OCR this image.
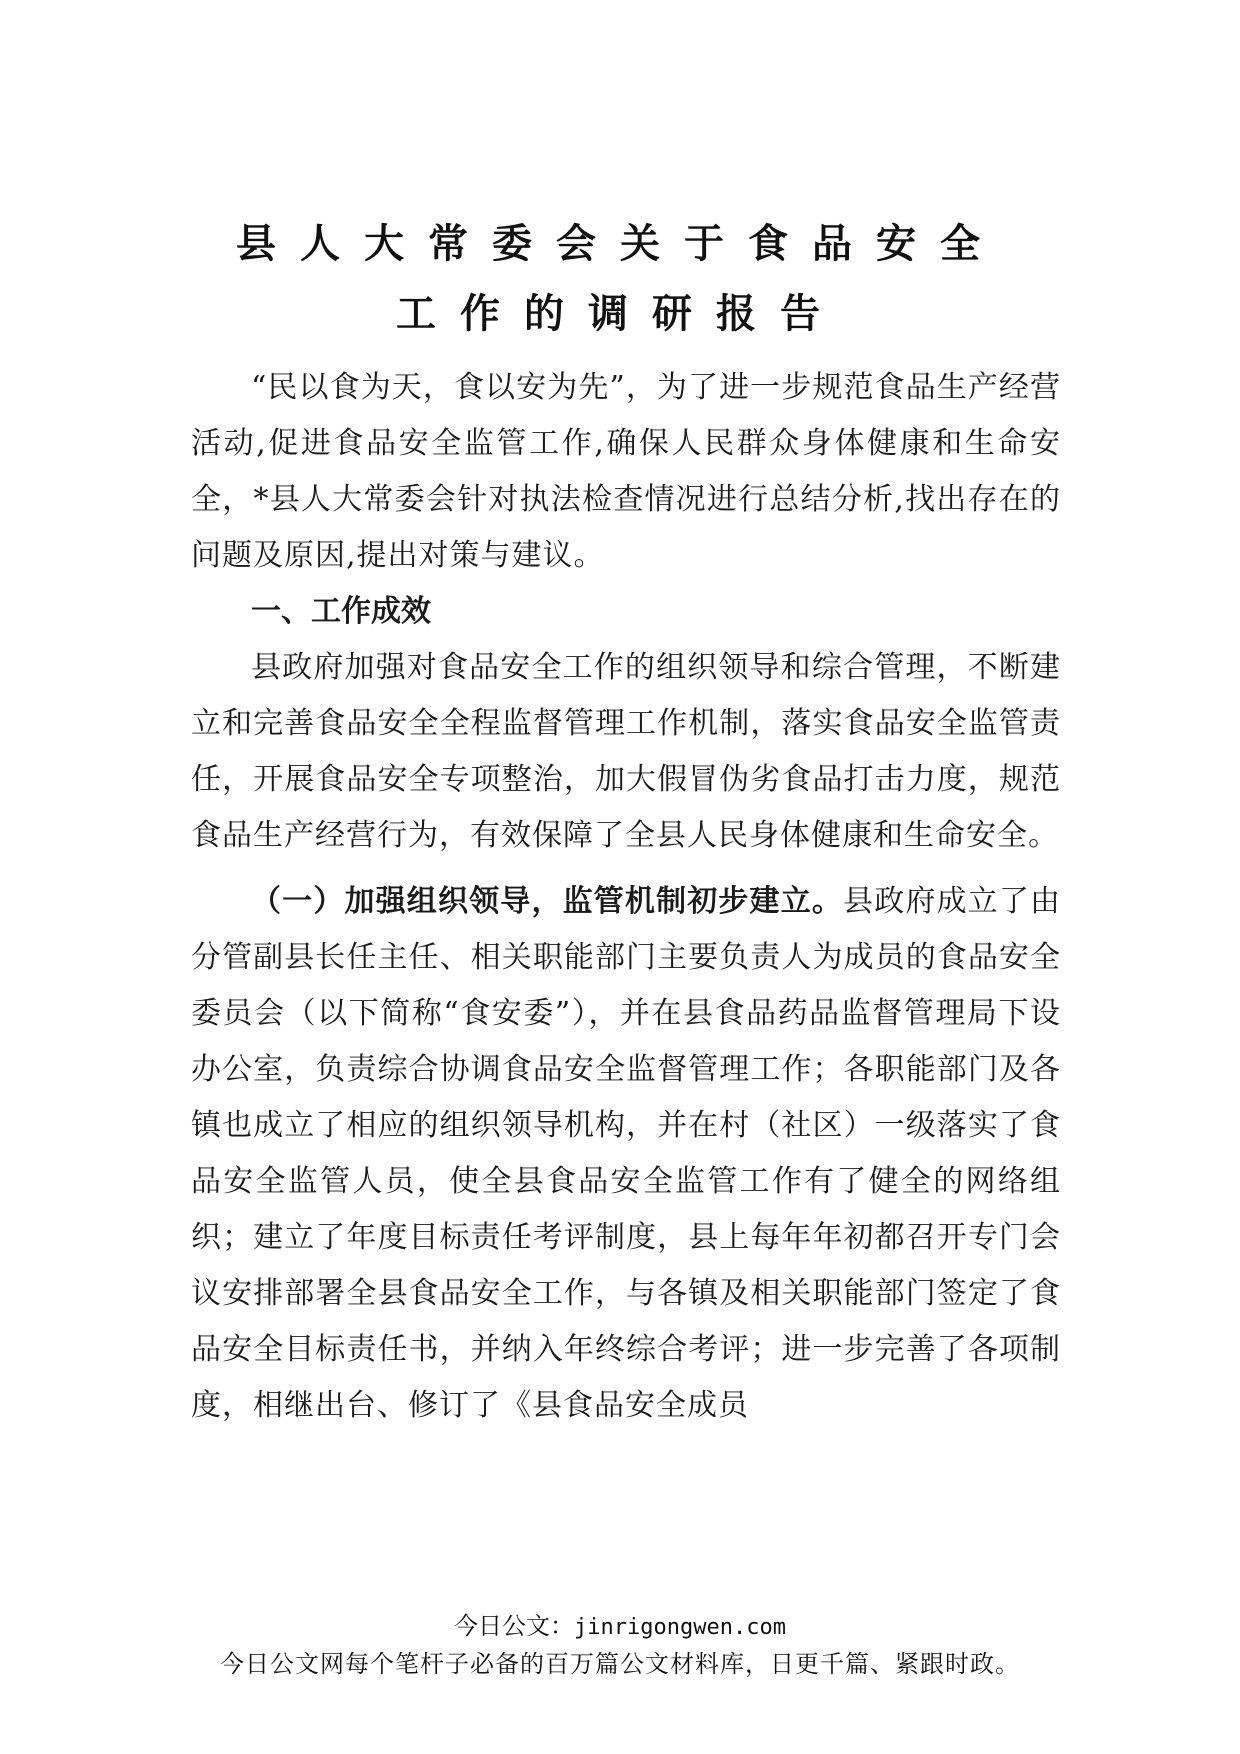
县人大常委会关于食品安全
工作的调研报告

“民以食为天，食以安为先”，为了进一步规范食品生产经营活动,促进食品安全监管工作,确保人民群众身体健康和生命安全，*县人大常委会针对执法检查情况进行总结分析,找出存在的问题及原因,提出对策与建议。

一、工作成效

县政府加强对食品安全工作的组织领导和综合管理，不断建立和完善食品安全全程监督管理工作机制，落实食品安全监管责任，开展食品安全专项整治，加大假冒伪劣食品打击力度，规范食品生产经营行为，有效保障了全县人民身体健康和生命安全。

（一）加强组织领导，监管机制初步建立。县政府成立了由分管副县长任主任、相关职能部门主要负责人为成员的食品安全委员会（以下简称“食安委”），并在县食品药品监督管理局下设办公室，负责综合协调食品安全监督管理工作；各职能部门及各镇也成立了相应的组织领导机构，并在村（社区）一级落实了食品安全监管人员，使全县食品安全监管工作有了健全的网络组织；建立了年度目标责任考评制度，县上每年年初都召开专门会议安排部署全县食品安全工作，与各镇及相关职能部门签定了食品安全目标责任书，并纳入年终综合考评；进一步完善了各项制度，相继出台、修订了《县食品安全成员

今日公文：jinrigongwen.com
今日公文网每个笔杆子必备的百万篇公文材料库，日更千篇、紧跟时政。
